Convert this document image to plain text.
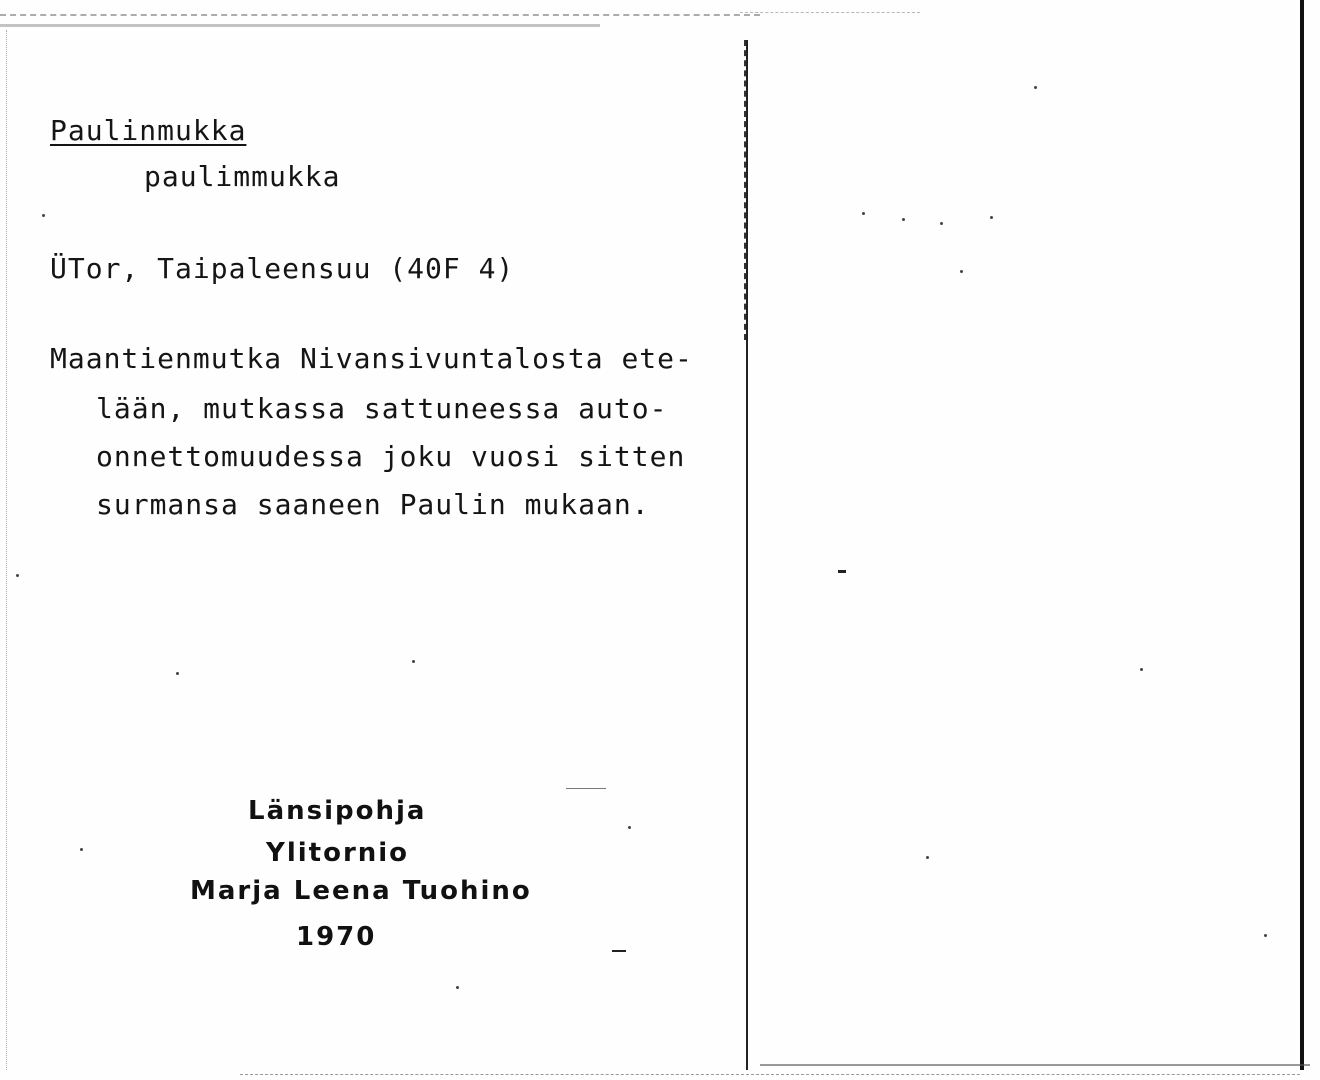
Paulinmukka
paulimmukka
ÜTor, Taipaleensuu (40F 4)
Maantienmutka Nivansivuntalosta ete-
lään, mutkassa sattuneessa auto-
onnettomuudessa joku vuosi sitten
surmansa saaneen Paulin mukaan.
Länsipohja
Ylitornio
Marja Leena Tuohino
1970
